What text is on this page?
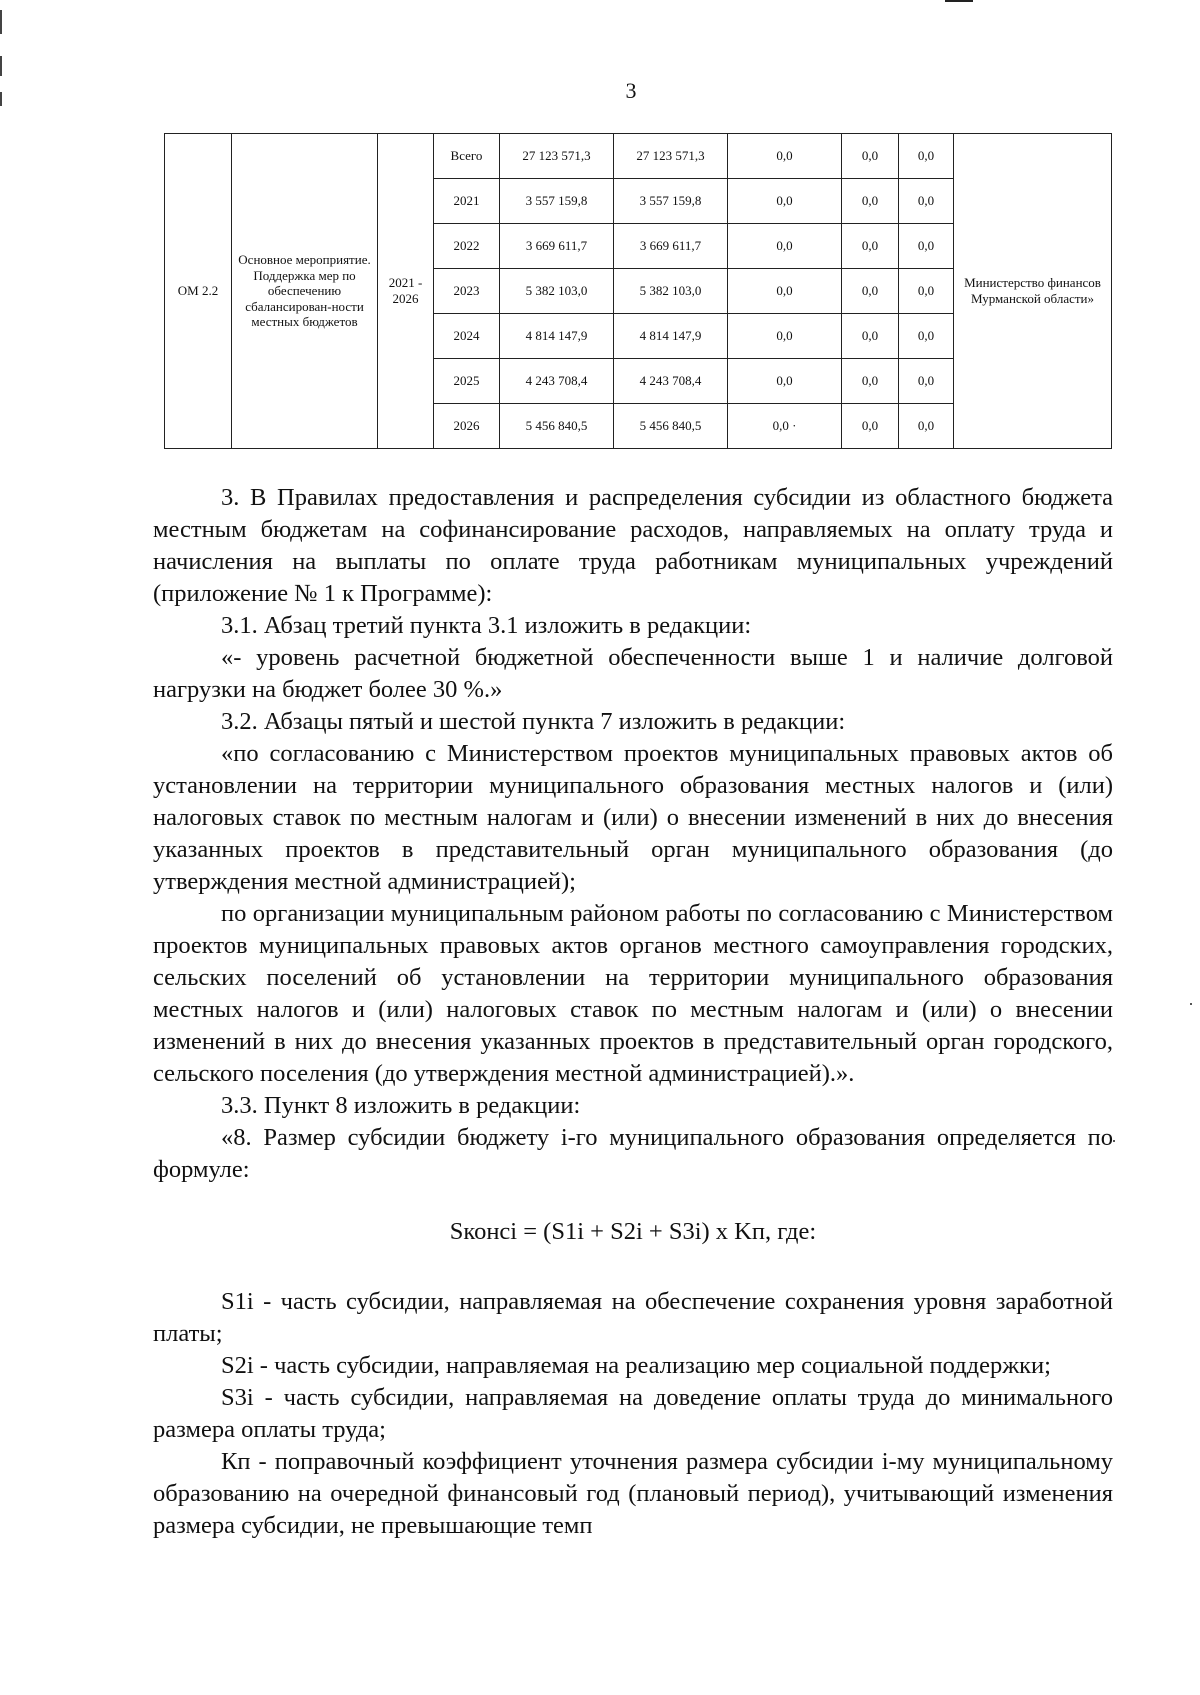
3
ОМ 2.2	Основное мероприятие. Поддержка мер по обеспечению сбалансирован-ности местных бюджетов	2021 - 2026	Всего	27 123 571,3	27 123 571,3	0,0	0,0	0,0	Министерство финансов Мурманской области»
			2021	3 557 159,8	3 557 159,8	0,0	0,0	0,0	
			2022	3 669 611,7	3 669 611,7	0,0	0,0	0,0	
			2023	5 382 103,0	5 382 103,0	0,0	0,0	0,0	
			2024	4 814 147,9	4 814 147,9	0,0	0,0	0,0	
			2025	4 243 708,4	4 243 708,4	0,0	0,0	0,0	
			2026	5 456 840,5	5 456 840,5	0,0 ·	0,0	0,0	

3. В Правилах предоставления и распределения субсидии из областного бюджета местным бюджетам на софинансирование расходов, направляемых на оплату труда и начисления на выплаты по оплате труда работникам муниципальных учреждений (приложение № 1 к Программе):

3.1. Абзац третий пункта 3.1 изложить в редакции:

«- уровень расчетной бюджетной обеспеченности выше 1 и наличие долговой нагрузки на бюджет более 30 %.»

3.2. Абзацы пятый и шестой пункта 7 изложить в редакции:

«по согласованию с Министерством проектов муниципальных правовых актов об установлении на территории муниципального образования местных налогов и (или) налоговых ставок по местным налогам и (или) о внесении изменений в них до внесения указанных проектов в представительный орган муниципального образования (до утверждения местной администрацией);

по организации муниципальным районом работы по согласованию с Министерством проектов муниципальных правовых актов органов местного самоуправления городских, сельских поселений об установлении на территории муниципального образования местных налогов и (или) налоговых ставок по местным налогам и (или) о внесении изменений в них до внесения указанных проектов в представительный орган городского, сельского поселения (до утверждения местной администрацией).».

3.3. Пункт 8 изложить в редакции:

«8. Размер субсидии бюджету i-го муниципального образования определяется по формуле:

Sконсi = (S1i + S2i + S3i) x Kп, где:

S1i - часть субсидии, направляемая на обеспечение сохранения уровня заработной платы;

S2i - часть субсидии, направляемая на реализацию мер социальной поддержки;

S3i - часть субсидии, направляемая на доведение оплаты труда до минимального размера оплаты труда;

Кп - поправочный коэффициент уточнения размера субсидии i-му муниципальному образованию на очередной финансовый год (плановый период), учитывающий изменения размера субсидии, не превышающие темп
